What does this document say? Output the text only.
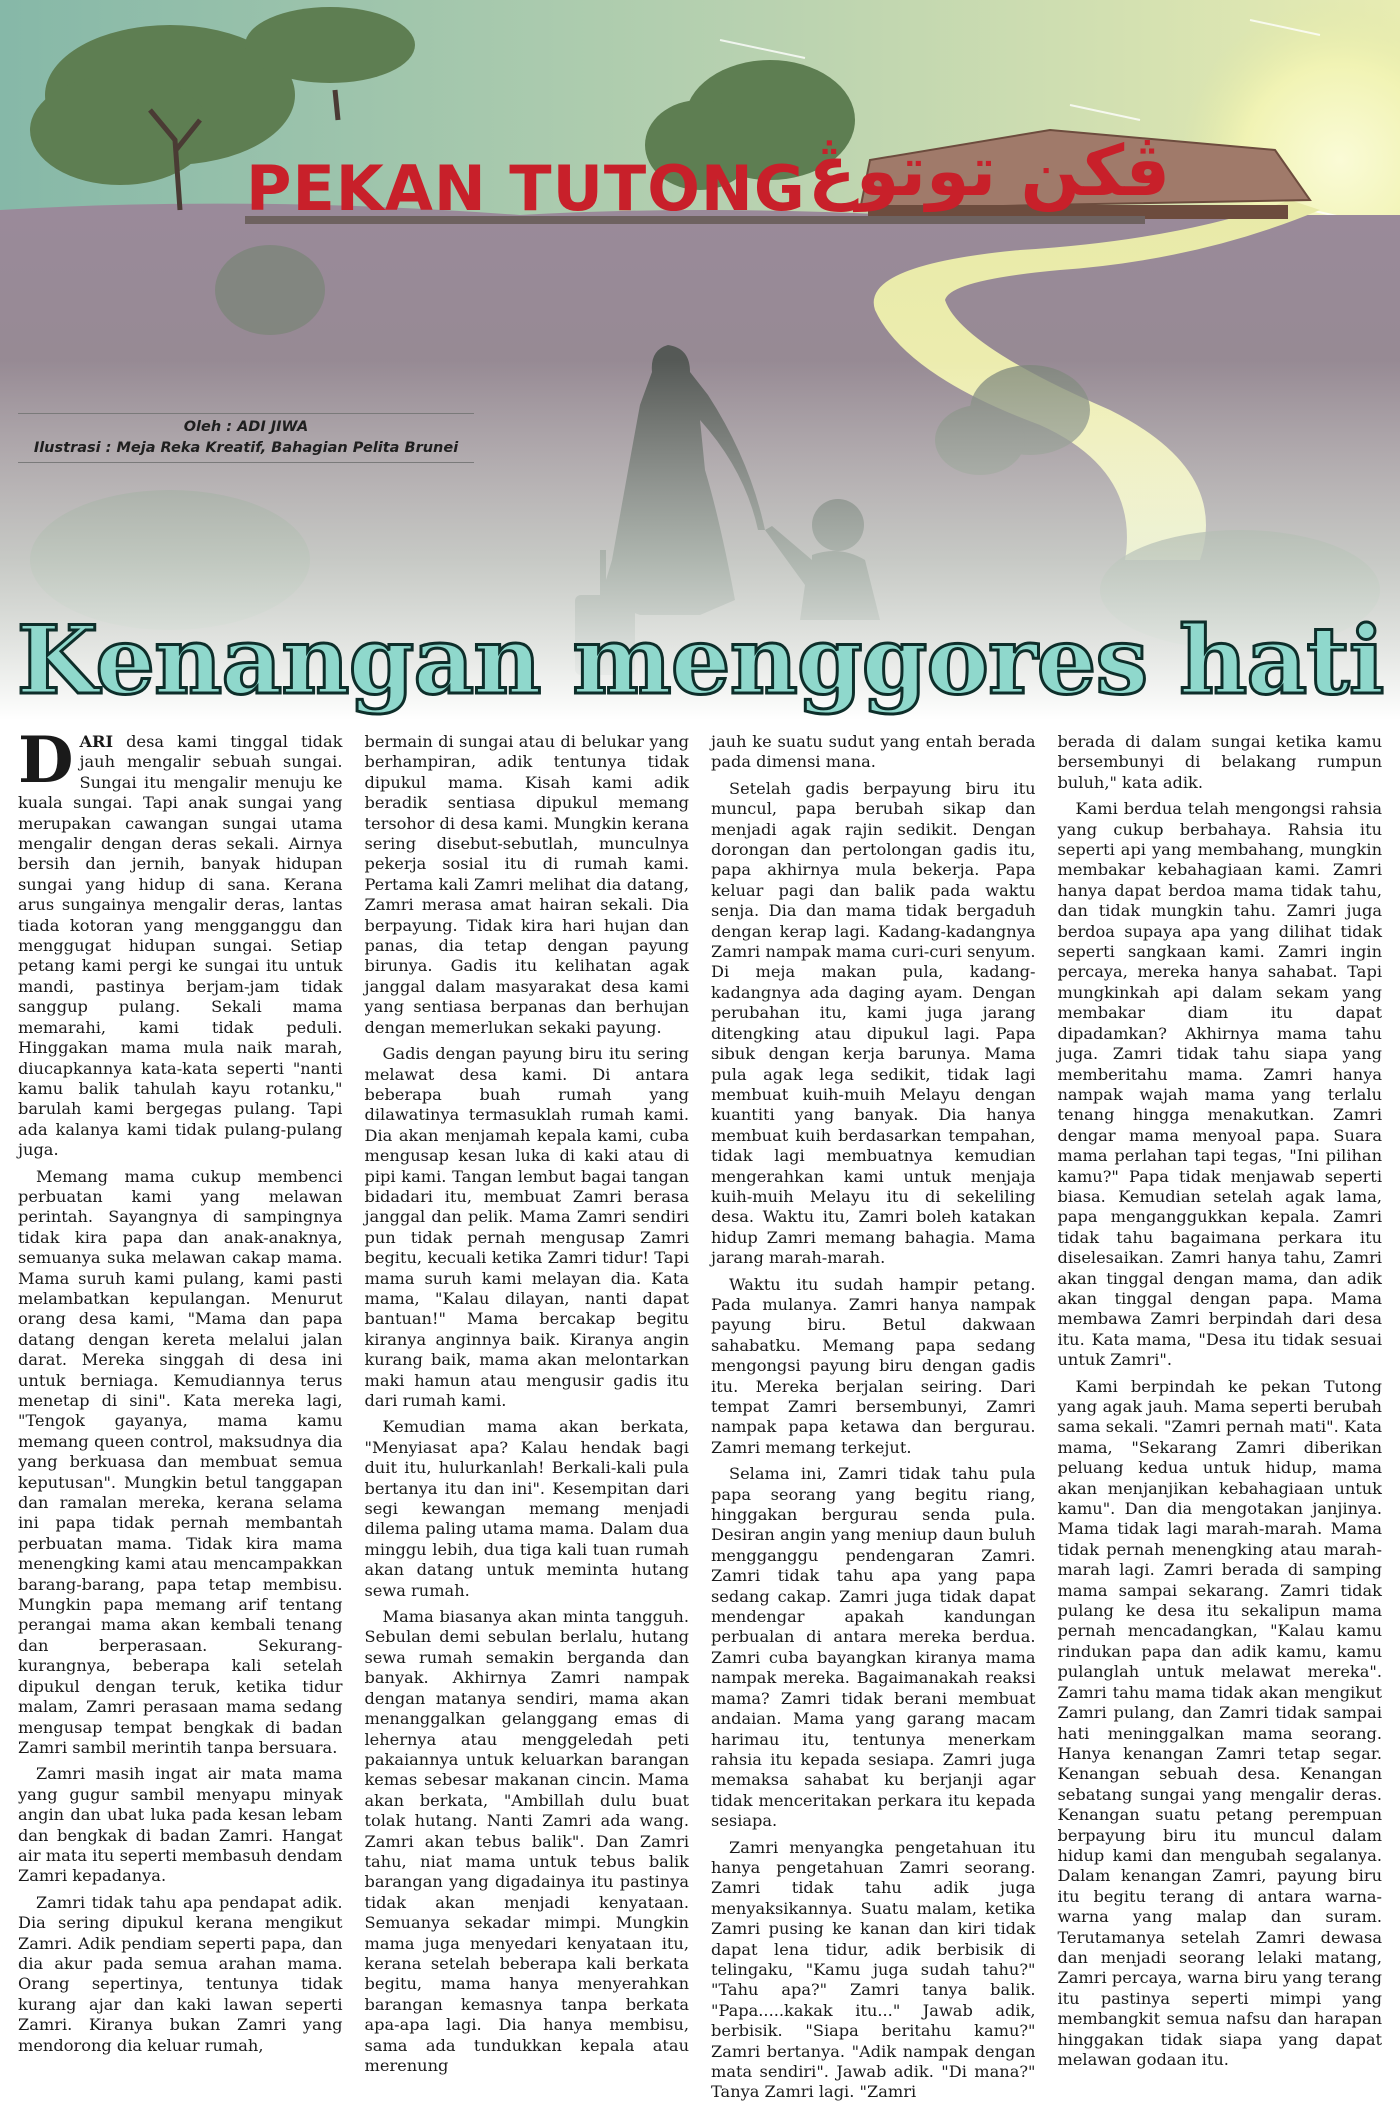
PEKAN TUTONG ڤكن توتوڠ
Oleh : ADI JIWA
Ilustrasi : Meja Reka Kreatif, Bahagian Pelita Brunei
Kenangan menggores hati

DARI desa kami tinggal tidak jauh mengalir sebuah sungai. Sungai itu mengalir menuju ke kuala sungai. Tapi anak sungai yang merupakan cawangan sungai utama mengalir dengan deras sekali. Airnya bersih dan jernih, banyak hidupan sungai yang hidup di sana. Kerana arus sungainya mengalir deras, lantas tiada kotoran yang mengganggu dan menggugat hidupan sungai. Setiap petang kami pergi ke sungai itu untuk mandi, pastinya berjam-jam tidak sanggup pulang. Sekali mama memarahi, kami tidak peduli. Hinggakan mama mula naik marah, diucapkannya kata-kata seperti "nanti kamu balik tahulah kayu rotanku," barulah kami bergegas pulang. Tapi ada kalanya kami tidak pulang-pulang juga.

Memang mama cukup membenci perbuatan kami yang melawan perintah. Sayangnya di sampingnya tidak kira papa dan anak-anaknya, semuanya suka melawan cakap mama. Mama suruh kami pulang, kami pasti melambatkan kepulangan. Menurut orang desa kami, "Mama dan papa datang dengan kereta melalui jalan darat. Mereka singgah di desa ini untuk berniaga. Kemudiannya terus menetap di sini". Kata mereka lagi, "Tengok gayanya, mama kamu memang queen control, maksudnya dia yang berkuasa dan membuat semua keputusan". Mungkin betul tanggapan dan ramalan mereka, kerana selama ini papa tidak pernah membantah perbuatan mama. Tidak kira mama menengking kami atau mencampakkan barang-barang, papa tetap membisu. Mungkin papa memang arif tentang perangai mama akan kembali tenang dan berperasaan. Sekurang-kurangnya, beberapa kali setelah dipukul dengan teruk, ketika tidur malam, Zamri perasaan mama sedang mengusap tempat bengkak di badan Zamri sambil merintih tanpa bersuara.

Zamri masih ingat air mata mama yang gugur sambil menyapu minyak angin dan ubat luka pada kesan lebam dan bengkak di badan Zamri. Hangat air mata itu seperti membasuh dendam Zamri kepadanya.

Zamri tidak tahu apa pendapat adik. Dia sering dipukul kerana mengikut Zamri. Adik pendiam seperti papa, dan dia akur pada semua arahan mama. Orang sepertinya, tentunya tidak kurang ajar dan kaki lawan seperti Zamri. Kiranya bukan Zamri yang mendorong dia keluar rumah,

bermain di sungai atau di belukar yang berhampiran, adik tentunya tidak dipukul mama. Kisah kami adik beradik sentiasa dipukul memang tersohor di desa kami. Mungkin kerana sering disebut-sebutlah, munculnya pekerja sosial itu di rumah kami. Pertama kali Zamri melihat dia datang, Zamri merasa amat hairan sekali. Dia berpayung. Tidak kira hari hujan dan panas, dia tetap dengan payung birunya. Gadis itu kelihatan agak janggal dalam masyarakat desa kami yang sentiasa berpanas dan berhujan dengan memerlukan sekaki payung.

Gadis dengan payung biru itu sering melawat desa kami. Di antara beberapa buah rumah yang dilawatinya termasuklah rumah kami. Dia akan menjamah kepala kami, cuba mengusap kesan luka di kaki atau di pipi kami. Tangan lembut bagai tangan bidadari itu, membuat Zamri berasa janggal dan pelik. Mama Zamri sendiri pun tidak pernah mengusap Zamri begitu, kecuali ketika Zamri tidur! Tapi mama suruh kami melayan dia. Kata mama, "Kalau dilayan, nanti dapat bantuan!" Mama bercakap begitu kiranya anginnya baik. Kiranya angin kurang baik, mama akan melontarkan maki hamun atau mengusir gadis itu dari rumah kami.

Kemudian mama akan berkata, "Menyiasat apa? Kalau hendak bagi duit itu, hulurkanlah! Berkali-kali pula bertanya itu dan ini". Kesempitan dari segi kewangan memang menjadi dilema paling utama mama. Dalam dua minggu lebih, dua tiga kali tuan rumah akan datang untuk meminta hutang sewa rumah.

Mama biasanya akan minta tangguh. Sebulan demi sebulan berlalu, hutang sewa rumah semakin berganda dan banyak. Akhirnya Zamri nampak dengan matanya sendiri, mama akan menanggalkan gelanggang emas di lehernya atau menggeledah peti pakaiannya untuk keluarkan barangan kemas sebesar makanan cincin. Mama akan berkata, "Ambillah dulu buat tolak hutang. Nanti Zamri ada wang. Zamri akan tebus balik". Dan Zamri tahu, niat mama untuk tebus balik barangan yang digadainya itu pastinya tidak akan menjadi kenyataan. Semuanya sekadar mimpi. Mungkin mama juga menyedari kenyataan itu, kerana setelah beberapa kali berkata begitu, mama hanya menyerahkan barangan kemasnya tanpa berkata apa-apa lagi. Dia hanya membisu, sama ada tundukkan kepala atau merenung

jauh ke suatu sudut yang entah berada pada dimensi mana.

Setelah gadis berpayung biru itu muncul, papa berubah sikap dan menjadi agak rajin sedikit. Dengan dorongan dan pertolongan gadis itu, papa akhirnya mula bekerja. Papa keluar pagi dan balik pada waktu senja. Dia dan mama tidak bergaduh dengan kerap lagi. Kadang-kadangnya Zamri nampak mama curi-curi senyum. Di meja makan pula, kadang-kadangnya ada daging ayam. Dengan perubahan itu, kami juga jarang ditengking atau dipukul lagi. Papa sibuk dengan kerja barunya. Mama pula agak lega sedikit, tidak lagi membuat kuih-muih Melayu dengan kuantiti yang banyak. Dia hanya membuat kuih berdasarkan tempahan, tidak lagi membuatnya kemudian mengerahkan kami untuk menjaja kuih-muih Melayu itu di sekeliling desa. Waktu itu, Zamri boleh katakan hidup Zamri memang bahagia. Mama jarang marah-marah.

Waktu itu sudah hampir petang. Pada mulanya. Zamri hanya nampak payung biru. Betul dakwaan sahabatku. Memang papa sedang mengongsi payung biru dengan gadis itu. Mereka berjalan seiring. Dari tempat Zamri bersembunyi, Zamri nampak papa ketawa dan bergurau. Zamri memang terkejut.

Selama ini, Zamri tidak tahu pula papa seorang yang begitu riang, hinggakan bergurau senda pula. Desiran angin yang meniup daun buluh mengganggu pendengaran Zamri. Zamri tidak tahu apa yang papa sedang cakap. Zamri juga tidak dapat mendengar apakah kandungan perbualan di antara mereka berdua. Zamri cuba bayangkan kiranya mama nampak mereka. Bagaimanakah reaksi mama? Zamri tidak berani membuat andaian. Mama yang garang macam harimau itu, tentunya menerkam rahsia itu kepada sesiapa. Zamri juga memaksa sahabat ku berjanji agar tidak menceritakan perkara itu kepada sesiapa.

Zamri menyangka pengetahuan itu hanya pengetahuan Zamri seorang. Zamri tidak tahu adik juga menyaksikannya. Suatu malam, ketika Zamri pusing ke kanan dan kiri tidak dapat lena tidur, adik berbisik di telingaku, "Kamu juga sudah tahu?" "Tahu apa?" Zamri tanya balik. "Papa.....kakak itu..." Jawab adik, berbisik. "Siapa beritahu kamu?" Zamri bertanya. "Adik nampak dengan mata sendiri". Jawab adik. "Di mana?" Tanya Zamri lagi. "Zamri

berada di dalam sungai ketika kamu bersembunyi di belakang rumpun buluh," kata adik.

Kami berdua telah mengongsi rahsia yang cukup berbahaya. Rahsia itu seperti api yang membahang, mungkin membakar kebahagiaan kami. Zamri hanya dapat berdoa mama tidak tahu, dan tidak mungkin tahu. Zamri juga berdoa supaya apa yang dilihat tidak seperti sangkaan kami. Zamri ingin percaya, mereka hanya sahabat. Tapi mungkinkah api dalam sekam yang membakar diam itu dapat dipadamkan? Akhirnya mama tahu juga. Zamri tidak tahu siapa yang memberitahu mama. Zamri hanya nampak wajah mama yang terlalu tenang hingga menakutkan. Zamri dengar mama menyoal papa. Suara mama perlahan tapi tegas, "Ini pilihan kamu?" Papa tidak menjawab seperti biasa. Kemudian setelah agak lama, papa menganggukkan kepala. Zamri tidak tahu bagaimana perkara itu diselesaikan. Zamri hanya tahu, Zamri akan tinggal dengan mama, dan adik akan tinggal dengan papa. Mama membawa Zamri berpindah dari desa itu. Kata mama, "Desa itu tidak sesuai untuk Zamri".

Kami berpindah ke pekan Tutong yang agak jauh. Mama seperti berubah sama sekali. "Zamri pernah mati". Kata mama, "Sekarang Zamri diberikan peluang kedua untuk hidup, mama akan menjanjikan kebahagiaan untuk kamu". Dan dia mengotakan janjinya. Mama tidak lagi marah-marah. Mama tidak pernah menengking atau marah-marah lagi. Zamri berada di samping mama sampai sekarang. Zamri tidak pulang ke desa itu sekalipun mama pernah mencadangkan, "Kalau kamu rindukan papa dan adik kamu, kamu pulanglah untuk melawat mereka". Zamri tahu mama tidak akan mengikut Zamri pulang, dan Zamri tidak sampai hati meninggalkan mama seorang. Hanya kenangan Zamri tetap segar. Kenangan sebuah desa. Kenangan sebatang sungai yang mengalir deras. Kenangan suatu petang perempuan berpayung biru itu muncul dalam hidup kami dan mengubah segalanya. Dalam kenangan Zamri, payung biru itu begitu terang di antara warna-warna yang malap dan suram. Terutamanya setelah Zamri dewasa dan menjadi seorang lelaki matang, Zamri percaya, warna biru yang terang itu pastinya seperti mimpi yang membangkit semua nafsu dan harapan hinggakan tidak siapa yang dapat melawan godaan itu.
